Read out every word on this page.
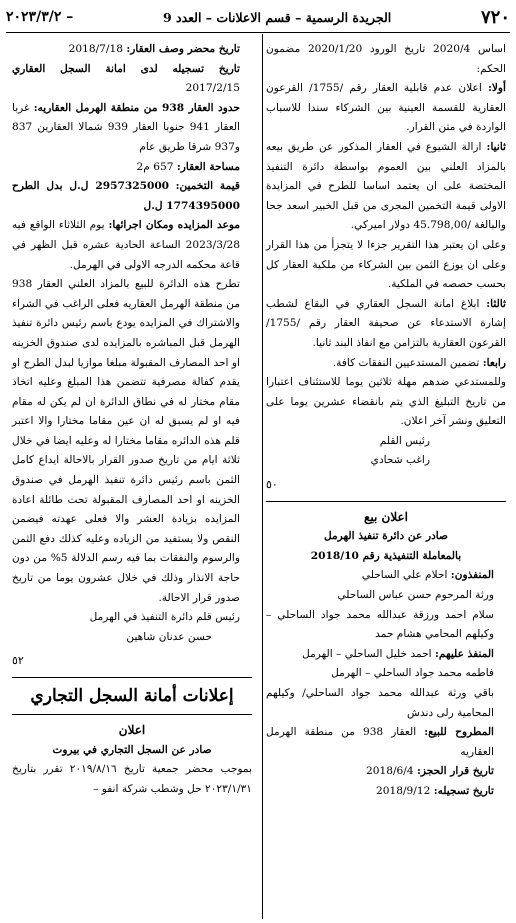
٧٢٠
الجريدة الرسمية – قسم الاعلانات – العدد 9
٢٠٢٣/٣/٢ –

اساس 2020/4 تاريخ الورود 2020/1/20 مضمون الحكم:

أولا: اعلان عدم قابلية العقار رقم /1755/ القرعون العقارية للقسمة العينية بين الشركاء سندا للاسباب الواردة في متن القرار.

ثانيا: ازالة الشيوع في العقار المذكور عن طريق بيعه بالمزاد العلني بين العموم بواسطة دائرة التنفيذ المختصة على ان يعتمد اساسا للطرح في المزايدة الاولى قيمة التخمين المجرى من قبل الخبير اسعد جحا والبالغة /45.798,00 دولار اميركي.

وعلى ان يعتبر هذا التقرير جزءا لا يتجزأ من هذا القرار وعلى ان يوزع الثمن بين الشركاء من ملكية العقار كل بحسب حصصه في الملكية.

ثالثا: ابلاغ امانة السجل العقاري في البقاع لشطب إشارة الاستدعاء عن صحيفة العقار رقم /1755/ القرعون العقارية بالتزامن مع انفاذ البند ثانيا.

رابعا: تضمين المستدعيين النفقات كافة.

وللمستدعي ضدهم مهلة ثلاثين يوما للاستئناف اعتبارا من تاريخ التبليغ الذي يتم بانقضاء عشرين يوما على التعليق ونشر آخر اعلان.

رئيس القلم

راغب شحادي

٥٠

اعلان بيع

صادر عن دائرة تنفيذ الهرمل

بالمعاملة التنفيذية رقم 2018/10

المنفذون: احلام علي الساحلي

ورثة المرحوم حسن عباس الساحلي

سلام احمد ورزقة عبدالله محمد جواد الساحلي – وكيلهم المحامي هشام حمد

المنفذ عليهم: احمد خليل الساحلي – الهرمل

فاطمه محمد جواد الساحلي – الهرمل

باقي ورثة عبدالله محمد جواد الساحلي/ وكيلهم المحامية رلى دندش

المطروح للبيع: العقار 938 من منطقة الهرمل العقاريه

تاريخ قرار الحجز: 2018/6/4

تاريخ تسجيله: 2018/9/12

تاريخ محضر وصف العقار: 2018/7/18

تاريخ تسجيله لدى امانة السجل العقاري 2017/2/15

حدود العقار 938 من منطقة الهرمل العقاريه: غربا العقار 941 جنوبا العقار 939 شمالا العقارين 837 و937 شرقا طريق عام

مساحة العقار: 657 م2

قيمة التخمين: 2957325000 ل.ل بدل الطرح 1774395000 ل.ل

موعد المزايده ومكان اجرائها: يوم الثلاثاء الواقع فيه 2023/3/28 الساعة الحادية عشره قبل الظهر في قاعة محكمه الدرجه الاولى في الهرمل.

تطرح هذه الدائرة للبيع بالمزاد العلني العقار 938 من منطقة الهرمل العقاريه فعلى الراغب في الشراء والاشتراك في المزايده يودع باسم رئيس دائرة تنفيذ الهرمل قبل المباشره بالمزايده لدى صندوق الخزينه او احد المصارف المقبولة مبلغا موازيا لبدل الطرح او يقدم كفالة مصرفية تتضمن هذا المبلغ وعليه اتخاذ مقام مختار له في نطاق الدائرة ان لم يكن له مقام فيه او لم يسبق له ان عين مقاما مختارا والا اعتبر قلم هذه الدائره مقاما مختارا له وعليه ايضا في خلال ثلاثة ايام من تاريخ صدور القرار بالاحالة ايداع كامل الثمن باسم رئيس دائرة تنفيذ الهرمل في صندوق الخزينه او احد المصارف المقبولة تحت طائلة اعادة المزايده بزيادة العشر والا فعلى عهدته فيضمن النقص ولا يستفيد من الزياده وعليه كذلك دفع الثمن والرسوم والنفقات بما فيه رسم الدلالة 5% من دون حاجة الانذار وذلك في خلال عشرون يوما من تاريخ صدور قرار الاحالة.

رئيس قلم دائرة التنفيذ في الهرمل

حسن عدنان شاهين

٥٢

إعلانات أمانة السجل التجاري

اعلان

صادر عن السجل التجاري في بيروت

بموجب محضر جمعية تاريخ ٢٠١٩/٨/١٦ تقرر بتاريخ ٢٠٢٣/١/٣١ حل وشطب شركة انفو –
